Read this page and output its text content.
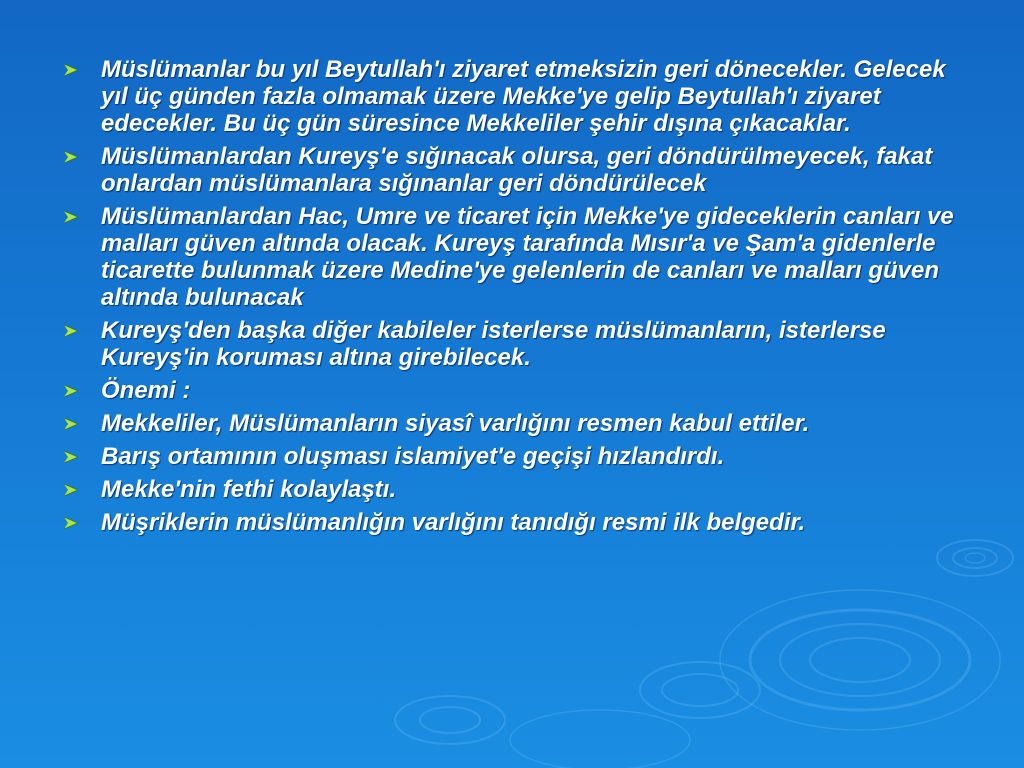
Müslümanlar bu yıl Beytullah'ı ziyaret etmeksizin geri dönecekler. Gelecek yıl üç günden fazla olmamak üzere Mekke'ye gelip Beytullah'ı ziyaret edecekler. Bu üç gün süresince Mekkeliler şehir dışına çıkacaklar.
Müslümanlardan Kureyş'e sığınacak olursa, geri döndürülmeyecek, fakat onlardan müslümanlara sığınanlar geri döndürülecek
Müslümanlardan Hac, Umre ve ticaret için Mekke'ye gideceklerin canları ve malları güven altında olacak. Kureyş tarafında Mısır'a ve Şam'a gidenlerle ticarette bulunmak üzere Medine'ye gelenlerin de canları ve malları güven altında bulunacak
Kureyş'den başka diğer kabileler isterlerse müslümanların, isterlerse Kureyş'in koruması altına girebilecek.
Önemi :
Mekkeliler, Müslümanların siyasî varlığını resmen kabul ettiler.
Barış ortamının oluşması islamiyet'e geçişi hızlandırdı.
Mekke'nin fethi kolaylaştı.
Müşriklerin müslümanlığın varlığını tanıdığı resmi ilk belgedir.
